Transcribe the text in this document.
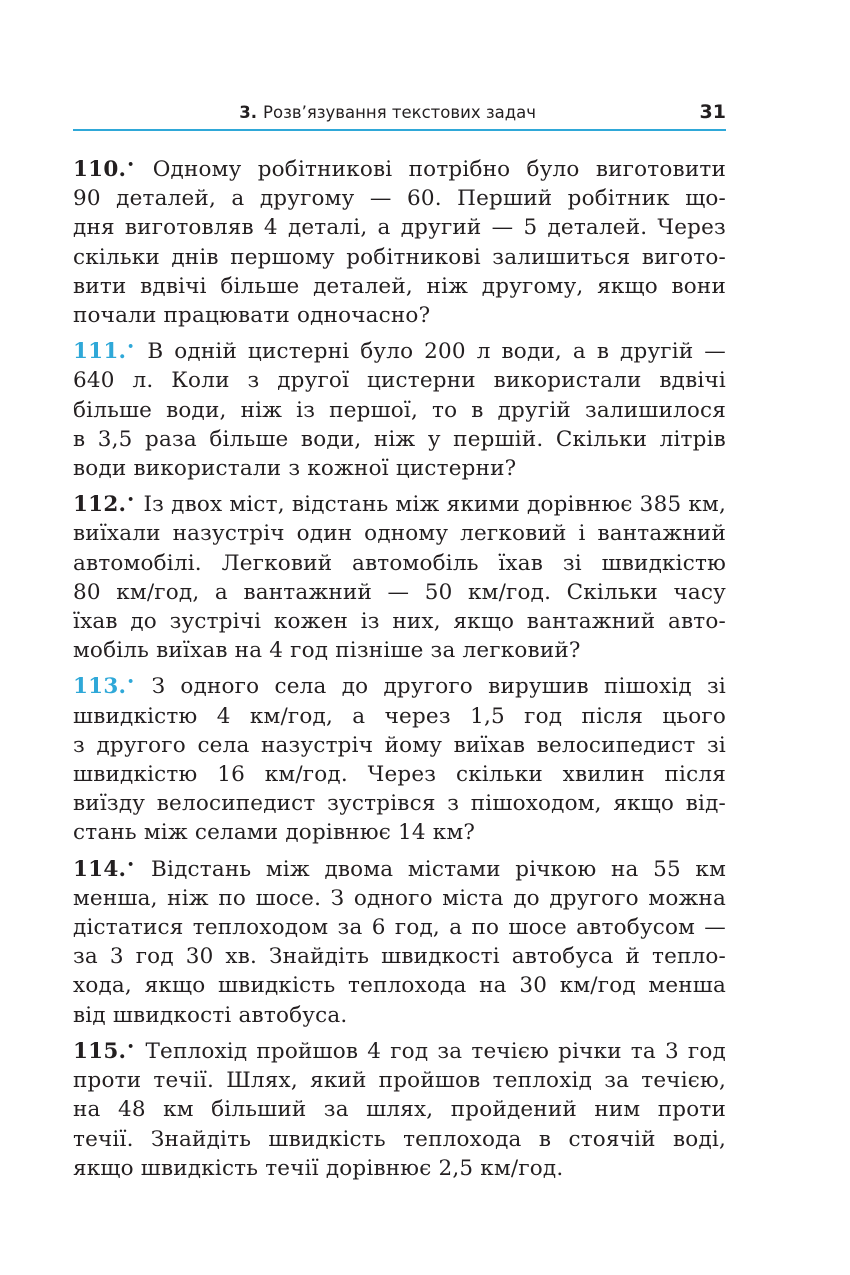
3. Розв’язування текстових задач	31
110.• Одному робітникові потрібно було виготовити
90 деталей, а другому — 60. Перший робітник що-
дня виготовляв 4 деталі, а другий — 5 деталей. Через
скільки днів першому робітникові залишиться вигото-
вити вдвічі більше деталей, ніж другому, якщо вони
почали працювати одночасно?
111.• В одній цистерні було 200 л води, а в другій —
640 л. Коли з другої цистерни використали вдвічі
більше води, ніж із першої, то в другій залишилося
в 3,5 раза більше води, ніж у першій. Скільки літрів
води використали з кожної цистерни?
112.• Із двох міст, відстань між якими дорівнює 385 км,
виїхали назустріч один одному легковий і вантажний
автомобілі. Легковий автомобіль їхав зі швидкістю
80 км/год, а вантажний — 50 км/год. Скільки часу
їхав до зустрічі кожен із них, якщо вантажний авто-
мобіль виїхав на 4 год пізніше за легковий?
113.• З одного села до другого вирушив пішохід зі
швидкістю 4 км/год, а через 1,5 год після цього
з другого села назустріч йому виїхав велосипедист зі
швидкістю 16 км/год. Через скільки хвилин після
виїзду велосипедист зустрівся з пішоходом, якщо від-
стань між селами дорівнює 14 км?
114.• Відстань між двома містами річкою на 55 км
менша, ніж по шосе. З одного міста до другого можна
дістатися теплоходом за 6 год, а по шосе автобусом —
за 3 год 30 хв. Знайдіть швидкості автобуса й тепло-
хода, якщо швидкість теплохода на 30 км/год менша
від швидкості автобуса.
115.• Теплохід пройшов 4 год за течією річки та 3 год
проти течії. Шлях, який пройшов теплохід за течією,
на 48 км більший за шлях, пройдений ним проти
течії. Знайдіть швидкість теплохода в стоячій воді,
якщо швидкість течії дорівнює 2,5 км/год.
